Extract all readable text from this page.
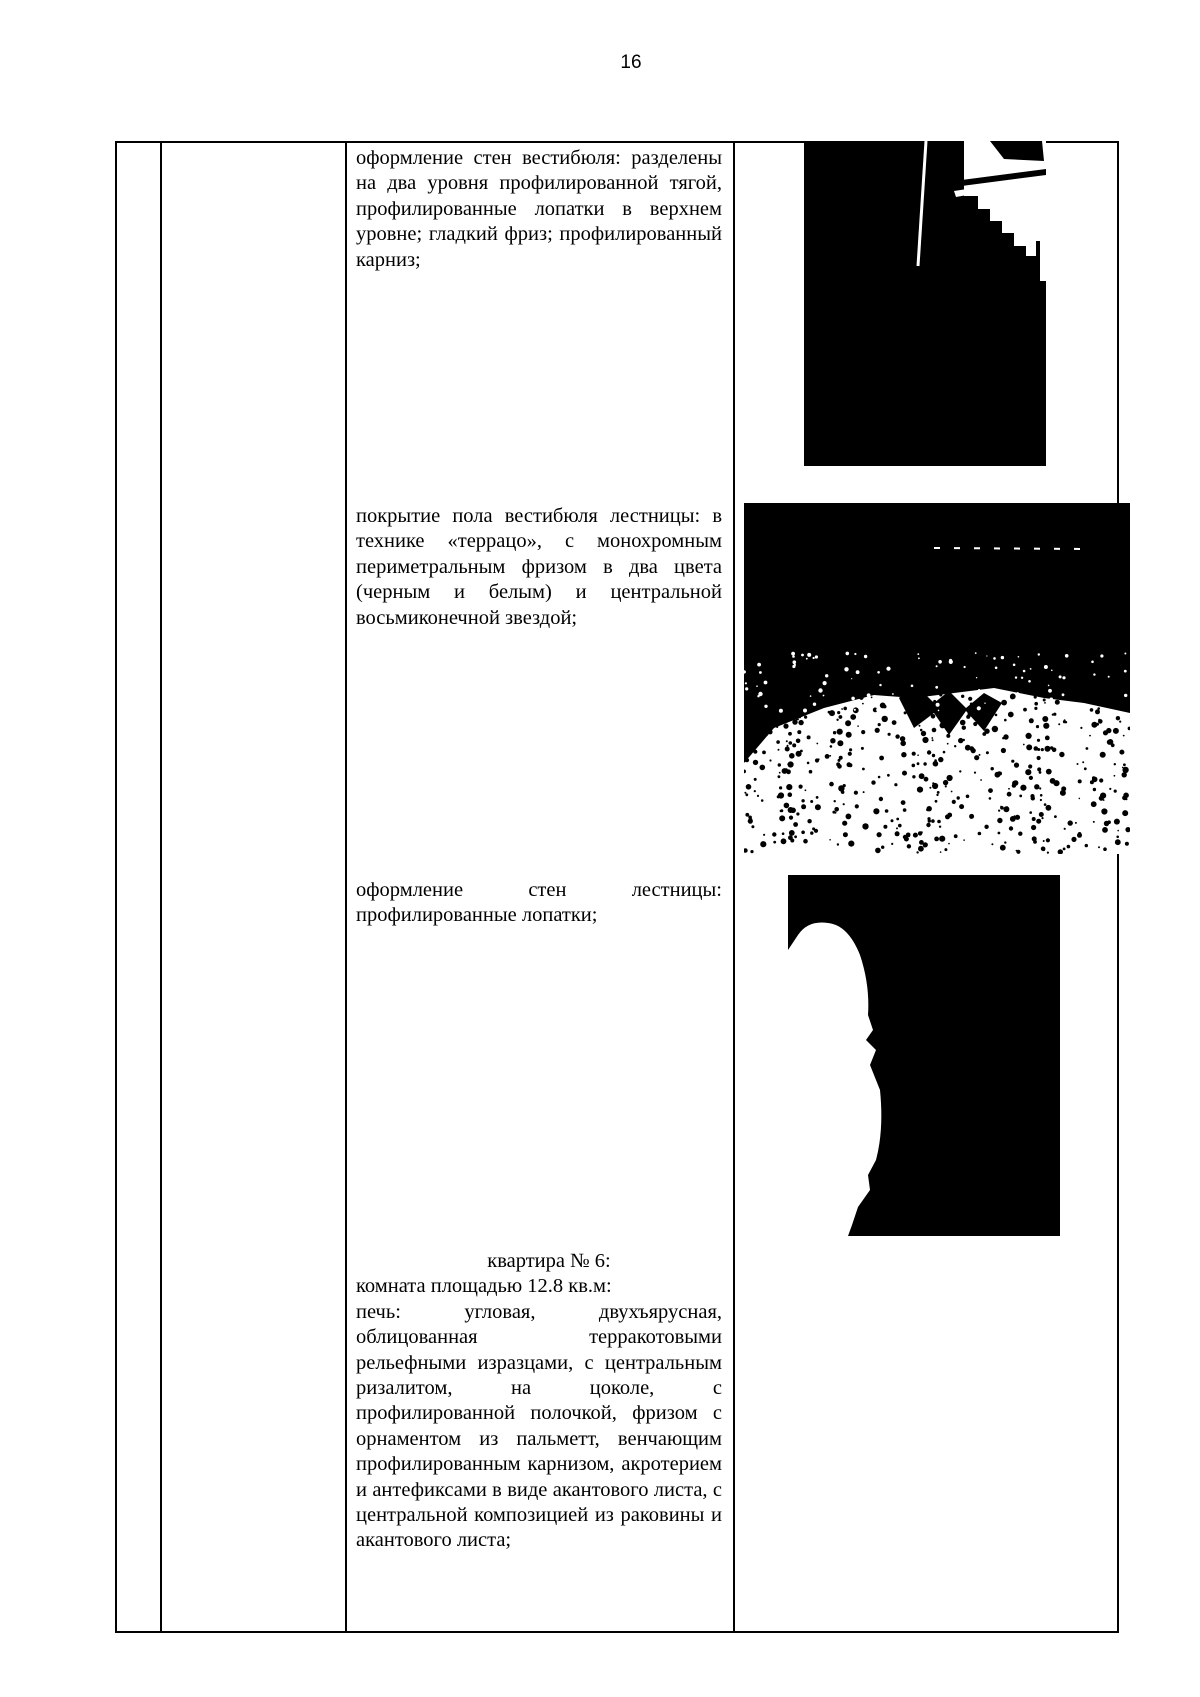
16

оформление стен вестибюля: разделены на два уровня профилированной тягой, профилированные лопатки в верхнем уровне; гладкий фриз; профилированный карниз;

покрытие пола вестибюля лестницы: в технике «террацо», с монохромным периметральным фризом в два цвета (черным и белым) и центральной восьмиконечной звездой;

оформление стен лестницы: профилированные лопатки;

квартира № 6:
комната площадью 12.8 кв.м:
печь: угловая, двухъярусная, облицованная терракотовыми рельефными изразцами, с центральным ризалитом, на цоколе, с профилированной полочкой, фризом с орнаментом из пальметт, венчающим профилированным карнизом, акротерием и антефиксами в виде акантового листа, с центральной композицией из раковины и акантового листа;
